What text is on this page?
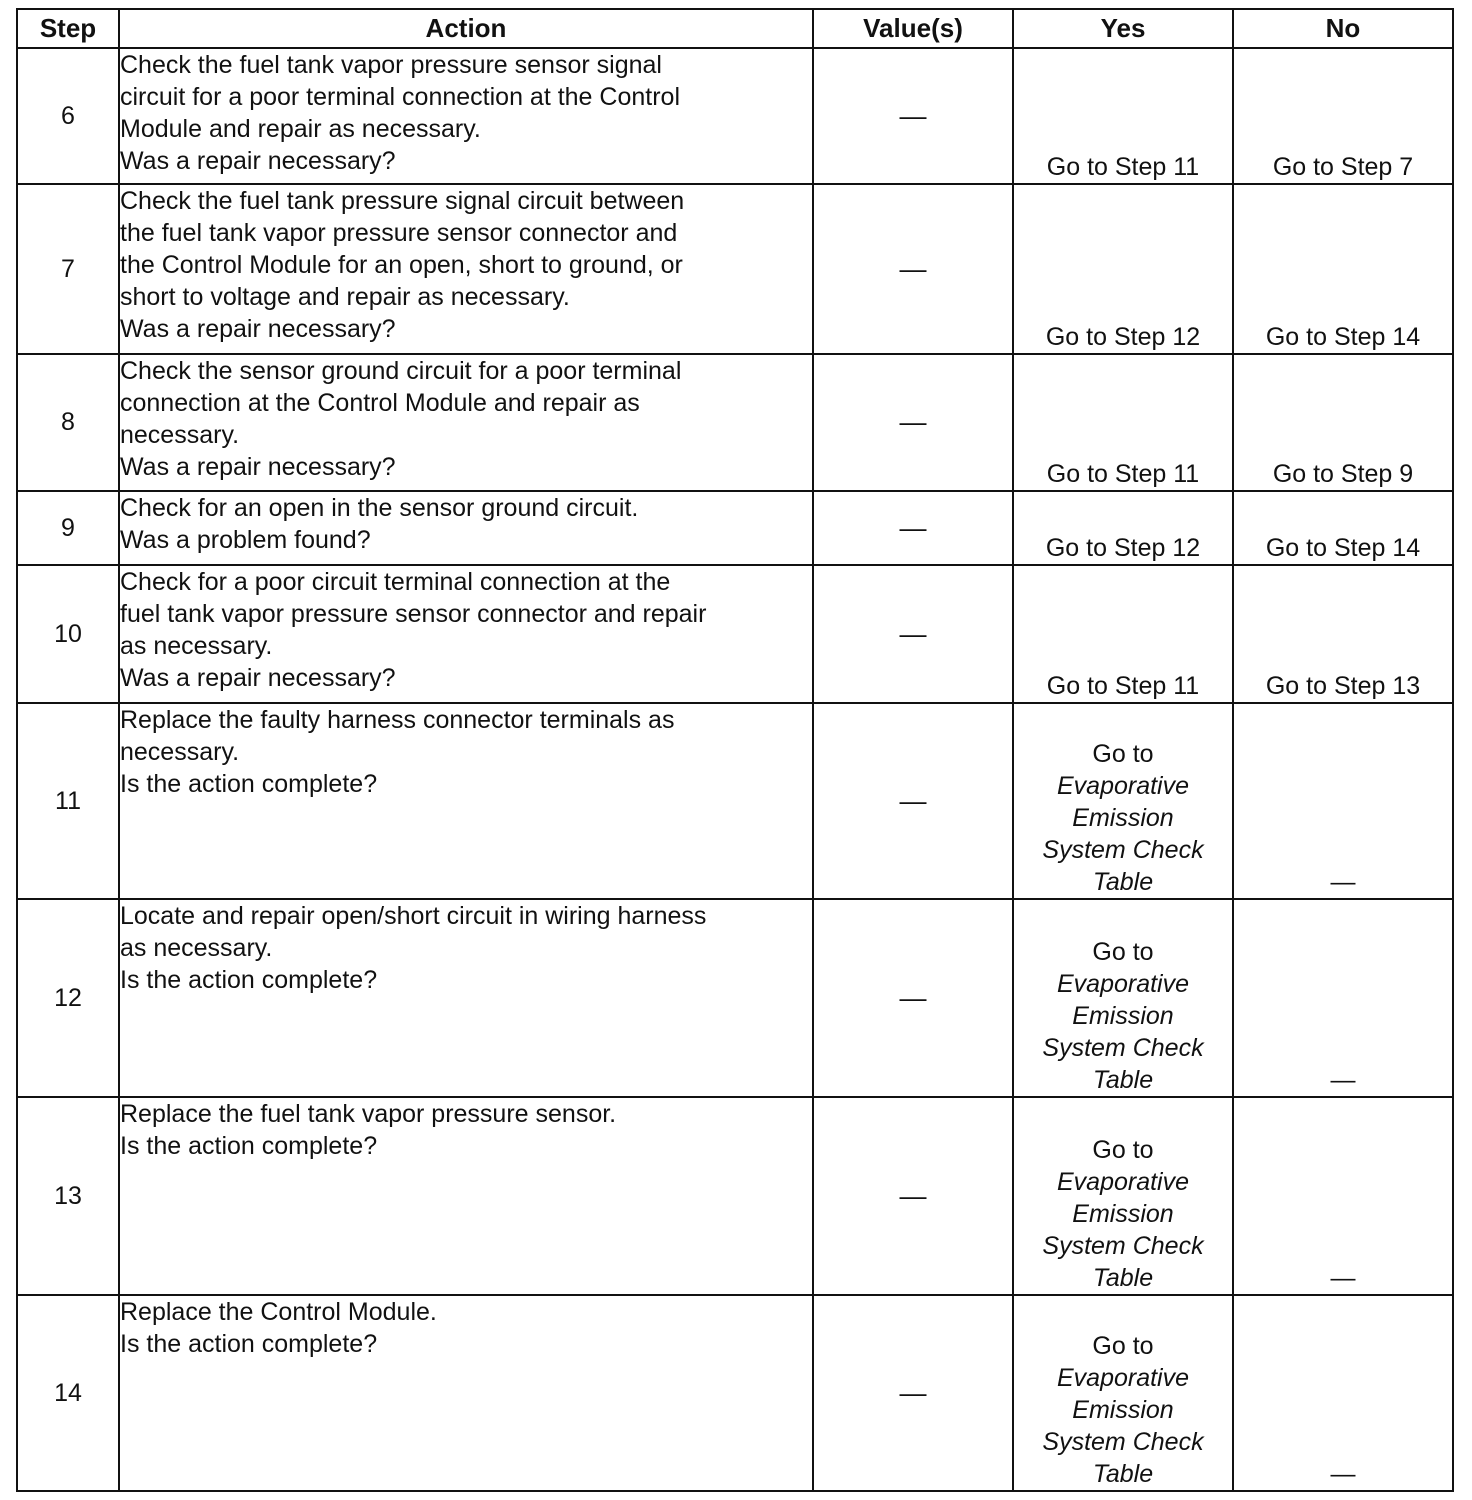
Step	Action	Value(s)	Yes	No
6	Check the fuel tank vapor pressure sensor signal
circuit for a poor terminal connection at the Control
Module and repair as necessary.
Was a repair necessary?	—	Go to Step 11	Go to Step 7
7	Check the fuel tank pressure signal circuit between
the fuel tank vapor pressure sensor connector and
the Control Module for an open, short to ground, or
short to voltage and repair as necessary.
Was a repair necessary?	—	Go to Step 12	Go to Step 14
8	Check the sensor ground circuit for a poor terminal
connection at the Control Module and repair as
necessary.
Was a repair necessary?	—	Go to Step 11	Go to Step 9
9	Check for an open in the sensor ground circuit.
Was a problem found?	—	Go to Step 12	Go to Step 14
10	Check for a poor circuit terminal connection at the
fuel tank vapor pressure sensor connector and repair
as necessary.
Was a repair necessary?	—	Go to Step 11	Go to Step 13
11	Replace the faulty harness connector terminals as
necessary.
Is the action complete?	—	Go to
Evaporative
Emission
System Check
Table	—
12	Locate and repair open/short circuit in wiring harness
as necessary.
Is the action complete?	—	Go to
Evaporative
Emission
System Check
Table	—
13	Replace the fuel tank vapor pressure sensor.
Is the action complete?	—	Go to
Evaporative
Emission
System Check
Table	—
14	Replace the Control Module.
Is the action complete?	—	Go to
Evaporative
Emission
System Check
Table	—
